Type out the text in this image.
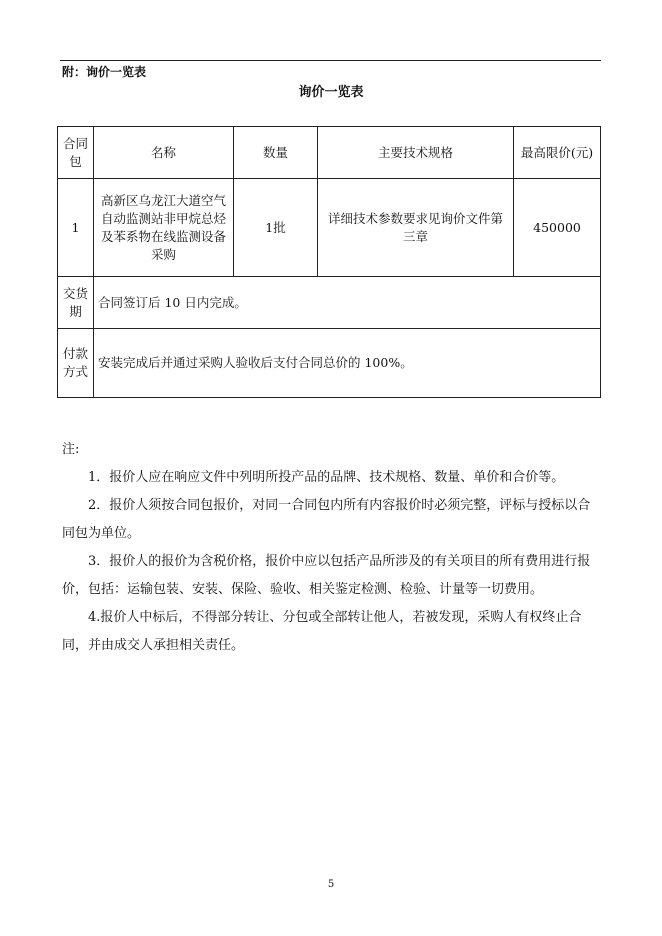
附：询价一览表
询价一览表
合同包	名称	数量	主要技术规格	最高限价(元)
1	高新区乌龙江大道空气自动监测站非甲烷总烃及苯系物在线监测设备采购	1批	详细技术参数要求见询价文件第三章	450000
交货期	合同签订后 10 日内完成。			
付款方式	安装完成后并通过采购人验收后支付合同总价的 100%。			

注:

1．报价人应在响应文件中列明所投产品的品牌、技术规格、数量、单价和合价等。

2．报价人须按合同包报价，对同一合同包内所有内容报价时必须完整，评标与授标以合同包为单位。

3．报价人的报价为含税价格，报价中应以包括产品所涉及的有关项目的所有费用进行报价，包括：运输包装、安装、保险、验收、相关鉴定检测、检验、计量等一切费用。

4.报价人中标后，不得部分转让、分包或全部转让他人，若被发现，采购人有权终止合同，并由成交人承担相关责任。

5
